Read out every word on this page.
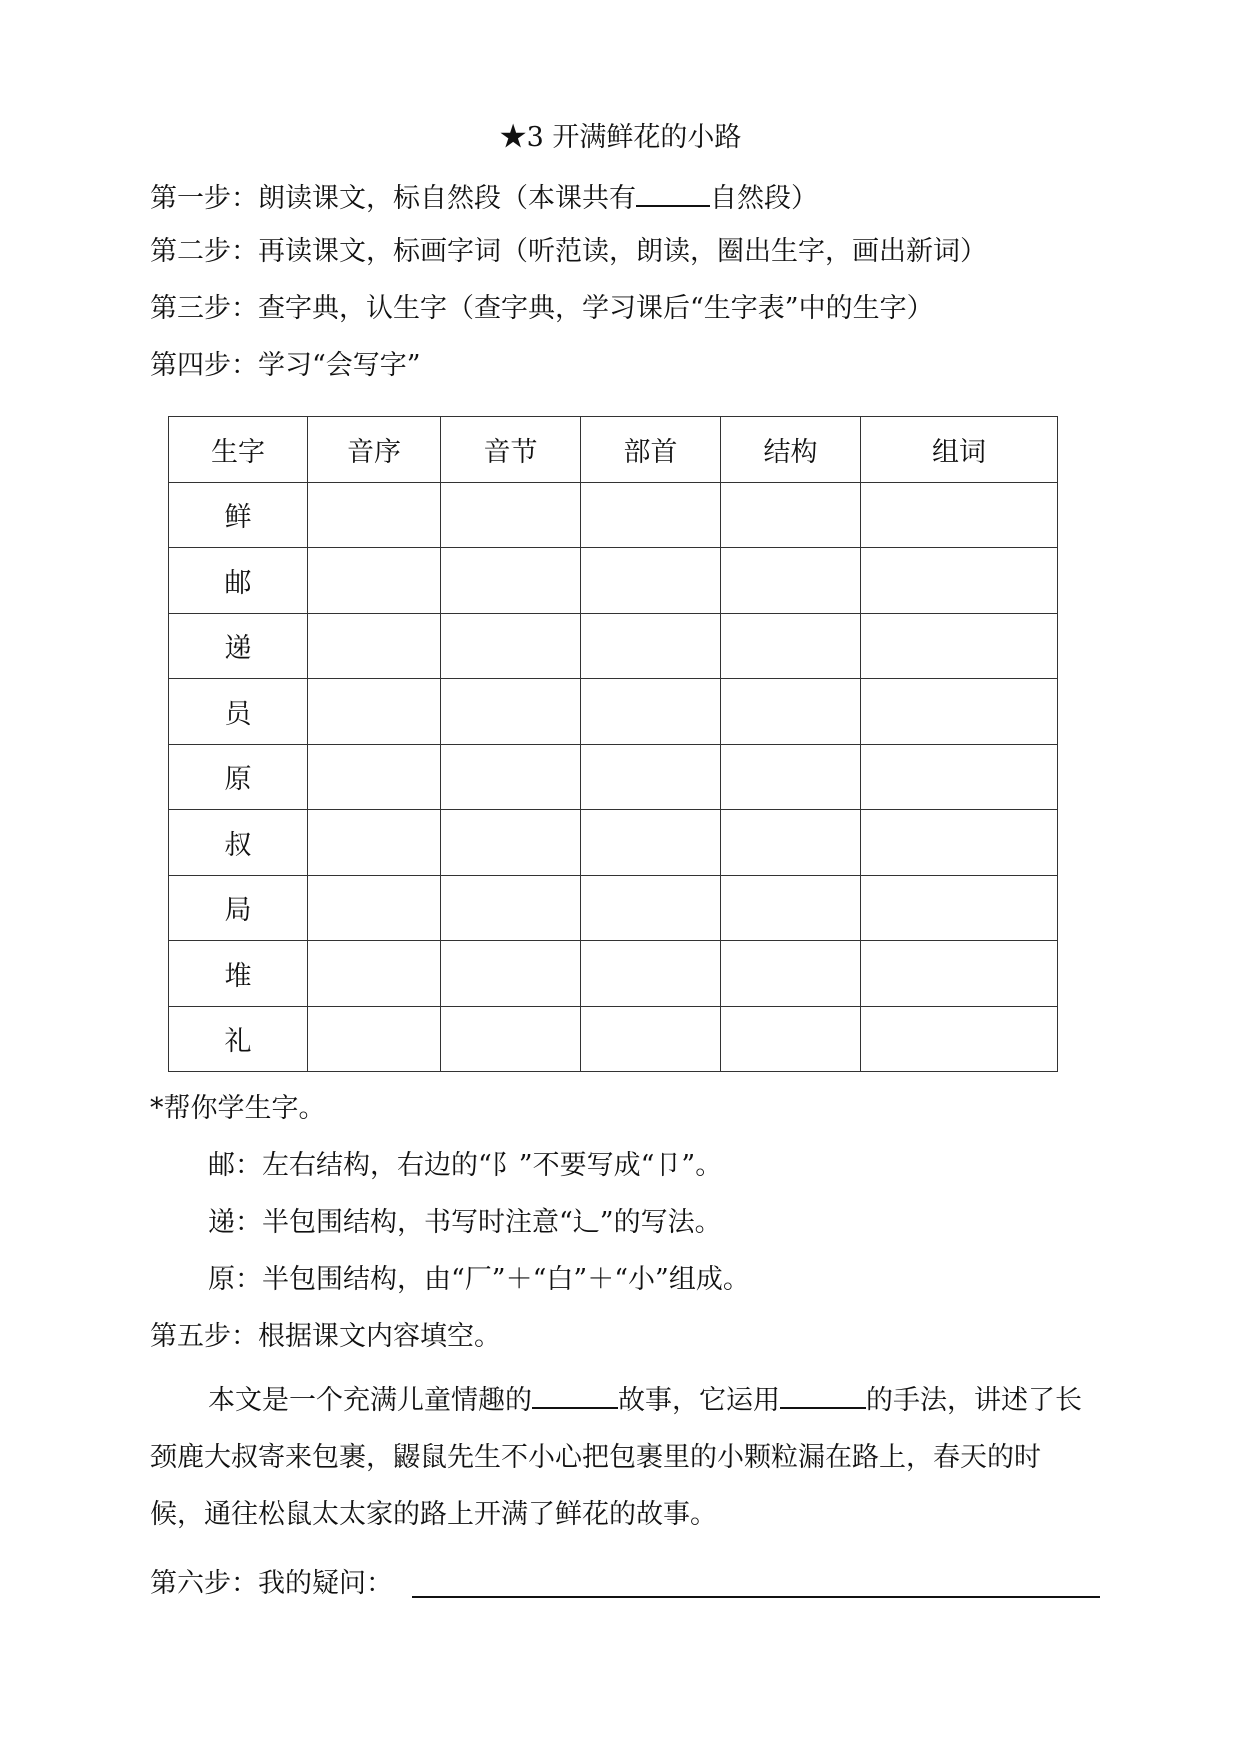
★3 开满鲜花的小路
第一步：朗读课文，标自然段（本课共有	自然段）
第二步：再读课文，标画字词（听范读，朗读，圈出生字，画出新词）
第三步：查字典，认生字（查字典，学习课后“生字表”中的生字）
第四步：学习“会写字”
生字	音序	音节	部首	结构	组词
鲜					
邮					
递					
员					
原					
叔					
局					
堆					
礼					
*帮你学生字。
邮：左右结构，右边的“阝”不要写成“卩”。
递：半包围结构，书写时注意“辶”的写法。
原：半包围结构，由“厂”＋“白”＋“小”组成。
第五步：根据课文内容填空。
本文是一个充满儿童情趣的	故事，它运用	的手法，讲述了长颈鹿大叔寄来包裹，鼹鼠先生不小心把包裹里的小颗粒漏在路上，春天的时候，通往松鼠太太家的路上开满了鲜花的故事。
第六步：我的疑问：
